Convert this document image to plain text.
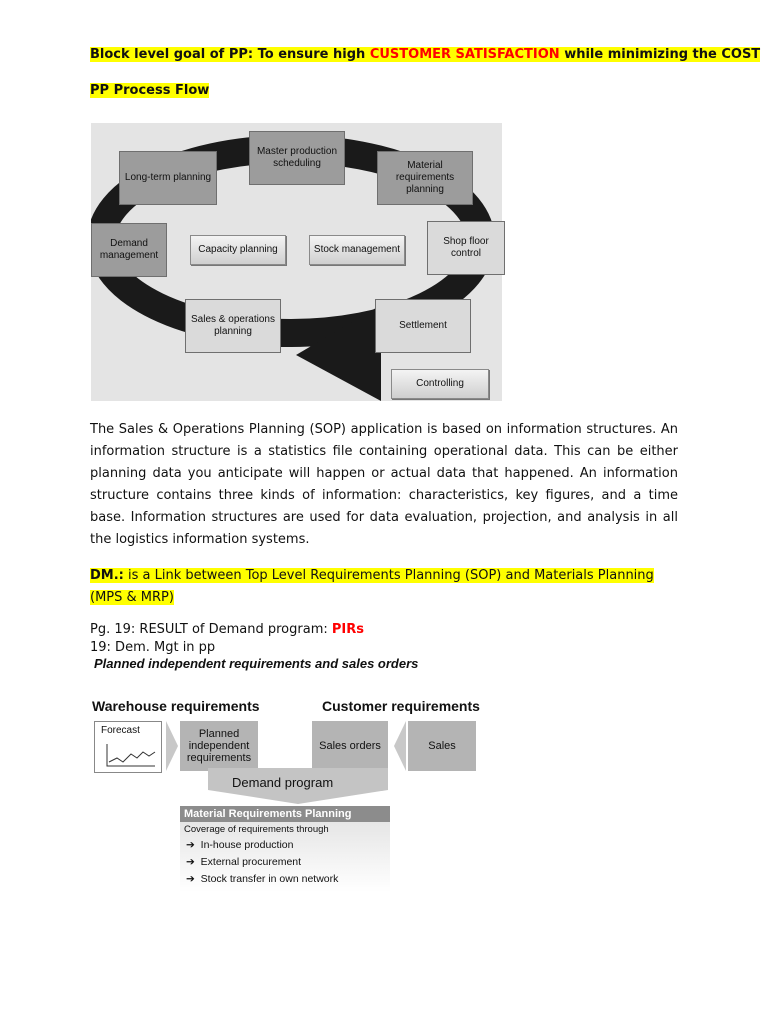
Block level goal of PP: To ensure high CUSTOMER SATISFACTION while minimizing the COST
PP Process Flow
Long-term planning
Master production scheduling	Material requirements planning
Demand management
Capacity planning	Stock management
Shop floor control
Sales & operations planning
Settlement
Controlling

The Sales & Operations Planning (SOP) application is based on information structures. An information structure is a statistics file containing operational data. This can be either planning data you anticipate will happen or actual data that happened. An information structure contains three kinds of information: characteristics, key figures, and a time base. Information structures are used for data evaluation, projection, and analysis in all the logistics information systems.

DM.: is a Link between Top Level Requirements Planning (SOP) and Materials Planning (MPS & MRP)
Pg. 19: RESULT of Demand program: PIRs
19: Dem. Mgt in pp
Planned independent requirements and sales orders
Warehouse requirements	Customer requirements
Forecast	Planned independent requirements
Sales orders	Sales
Demand program
Material Requirements Planning
Coverage of requirements through
➔ In-house production
➔ External procurement
➔ Stock transfer in own network
